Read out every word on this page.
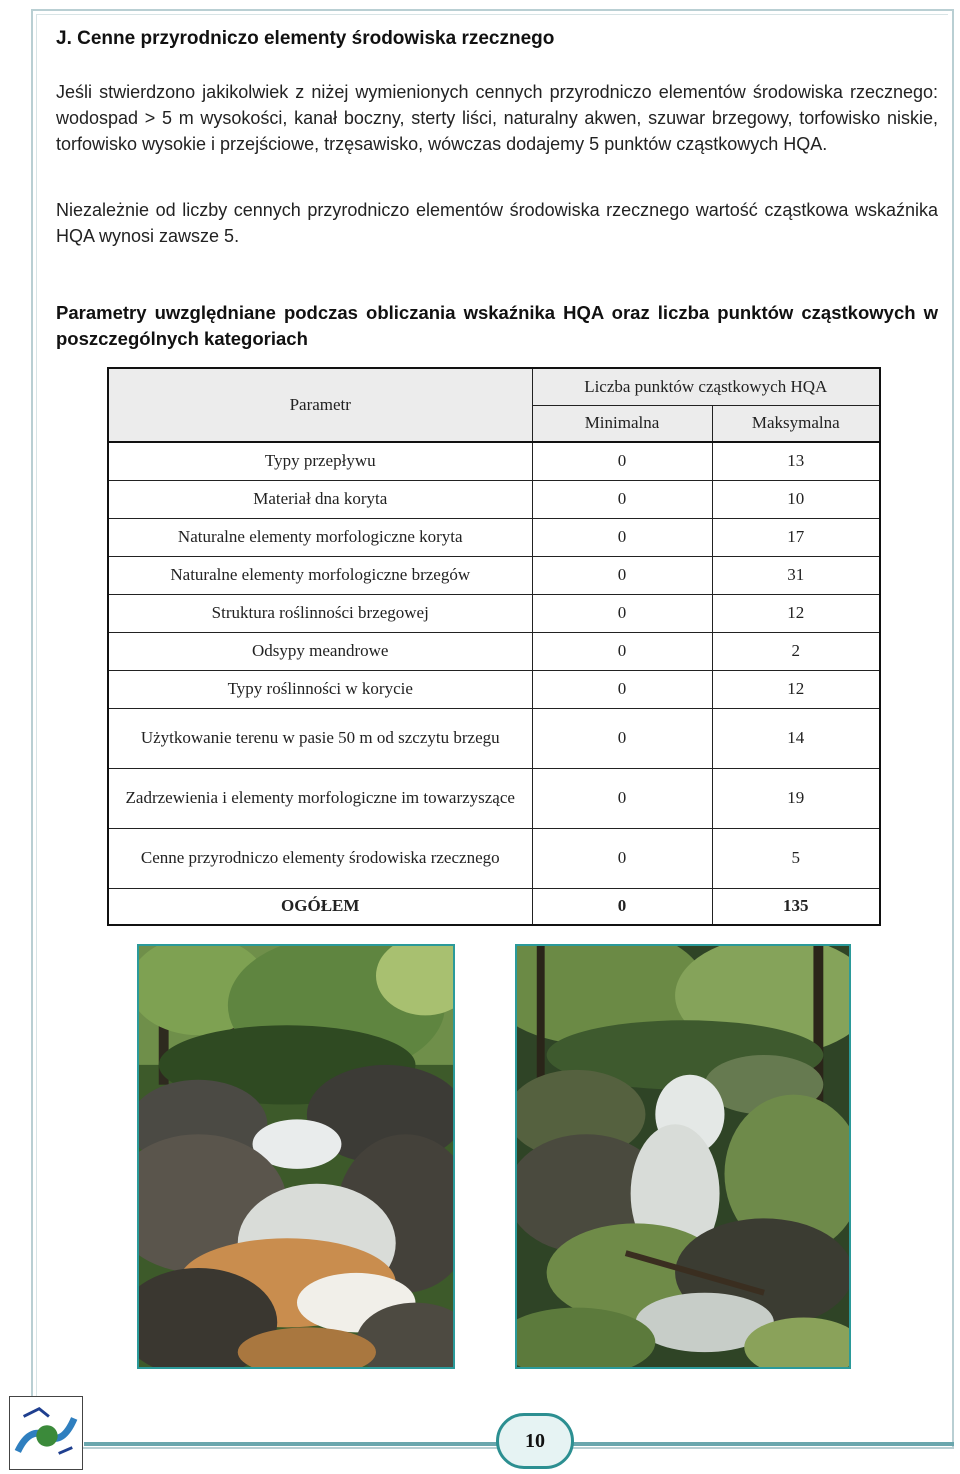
J. Cenne przyrodniczo elementy środowiska rzecznego
Jeśli stwierdzono jakikolwiek z niżej wymienionych cennych przyrodniczo elementów środowiska rzecznego: wodospad > 5 m wysokości, kanał boczny, sterty liści, naturalny akwen, szuwar brzegowy, torfowisko niskie, torfowisko wysokie i przejściowe, trzęsawisko, wówczas dodajemy 5 punktów cząstkowych HQA.
Niezależnie od liczby cennych przyrodniczo elementów środowiska rzecznego wartość cząstkowa wskaźnika HQA wynosi zawsze 5.
Parametry uwzględniane podczas obliczania wskaźnika HQA oraz liczba punktów cząstkowych w poszczególnych kategoriach
Parametr	Liczba punktów cząstkowych HQA	
	Minimalna	Maksymalna
Typy przepływu	0	13
Materiał dna koryta	0	10
Naturalne elementy morfologiczne koryta	0	17
Naturalne elementy morfologiczne brzegów	0	31
Struktura roślinności brzegowej	0	12
Odsypy meandrowe	0	2
Typy roślinności w korycie	0	12
Użytkowanie terenu w pasie 50 m od szczytu brzegu	0	14
Zadrzewienia i elementy morfologiczne im towarzyszące	0	19
Cenne przyrodniczo elementy środowiska rzecznego	0	5
OGÓŁEM	0	135
10
